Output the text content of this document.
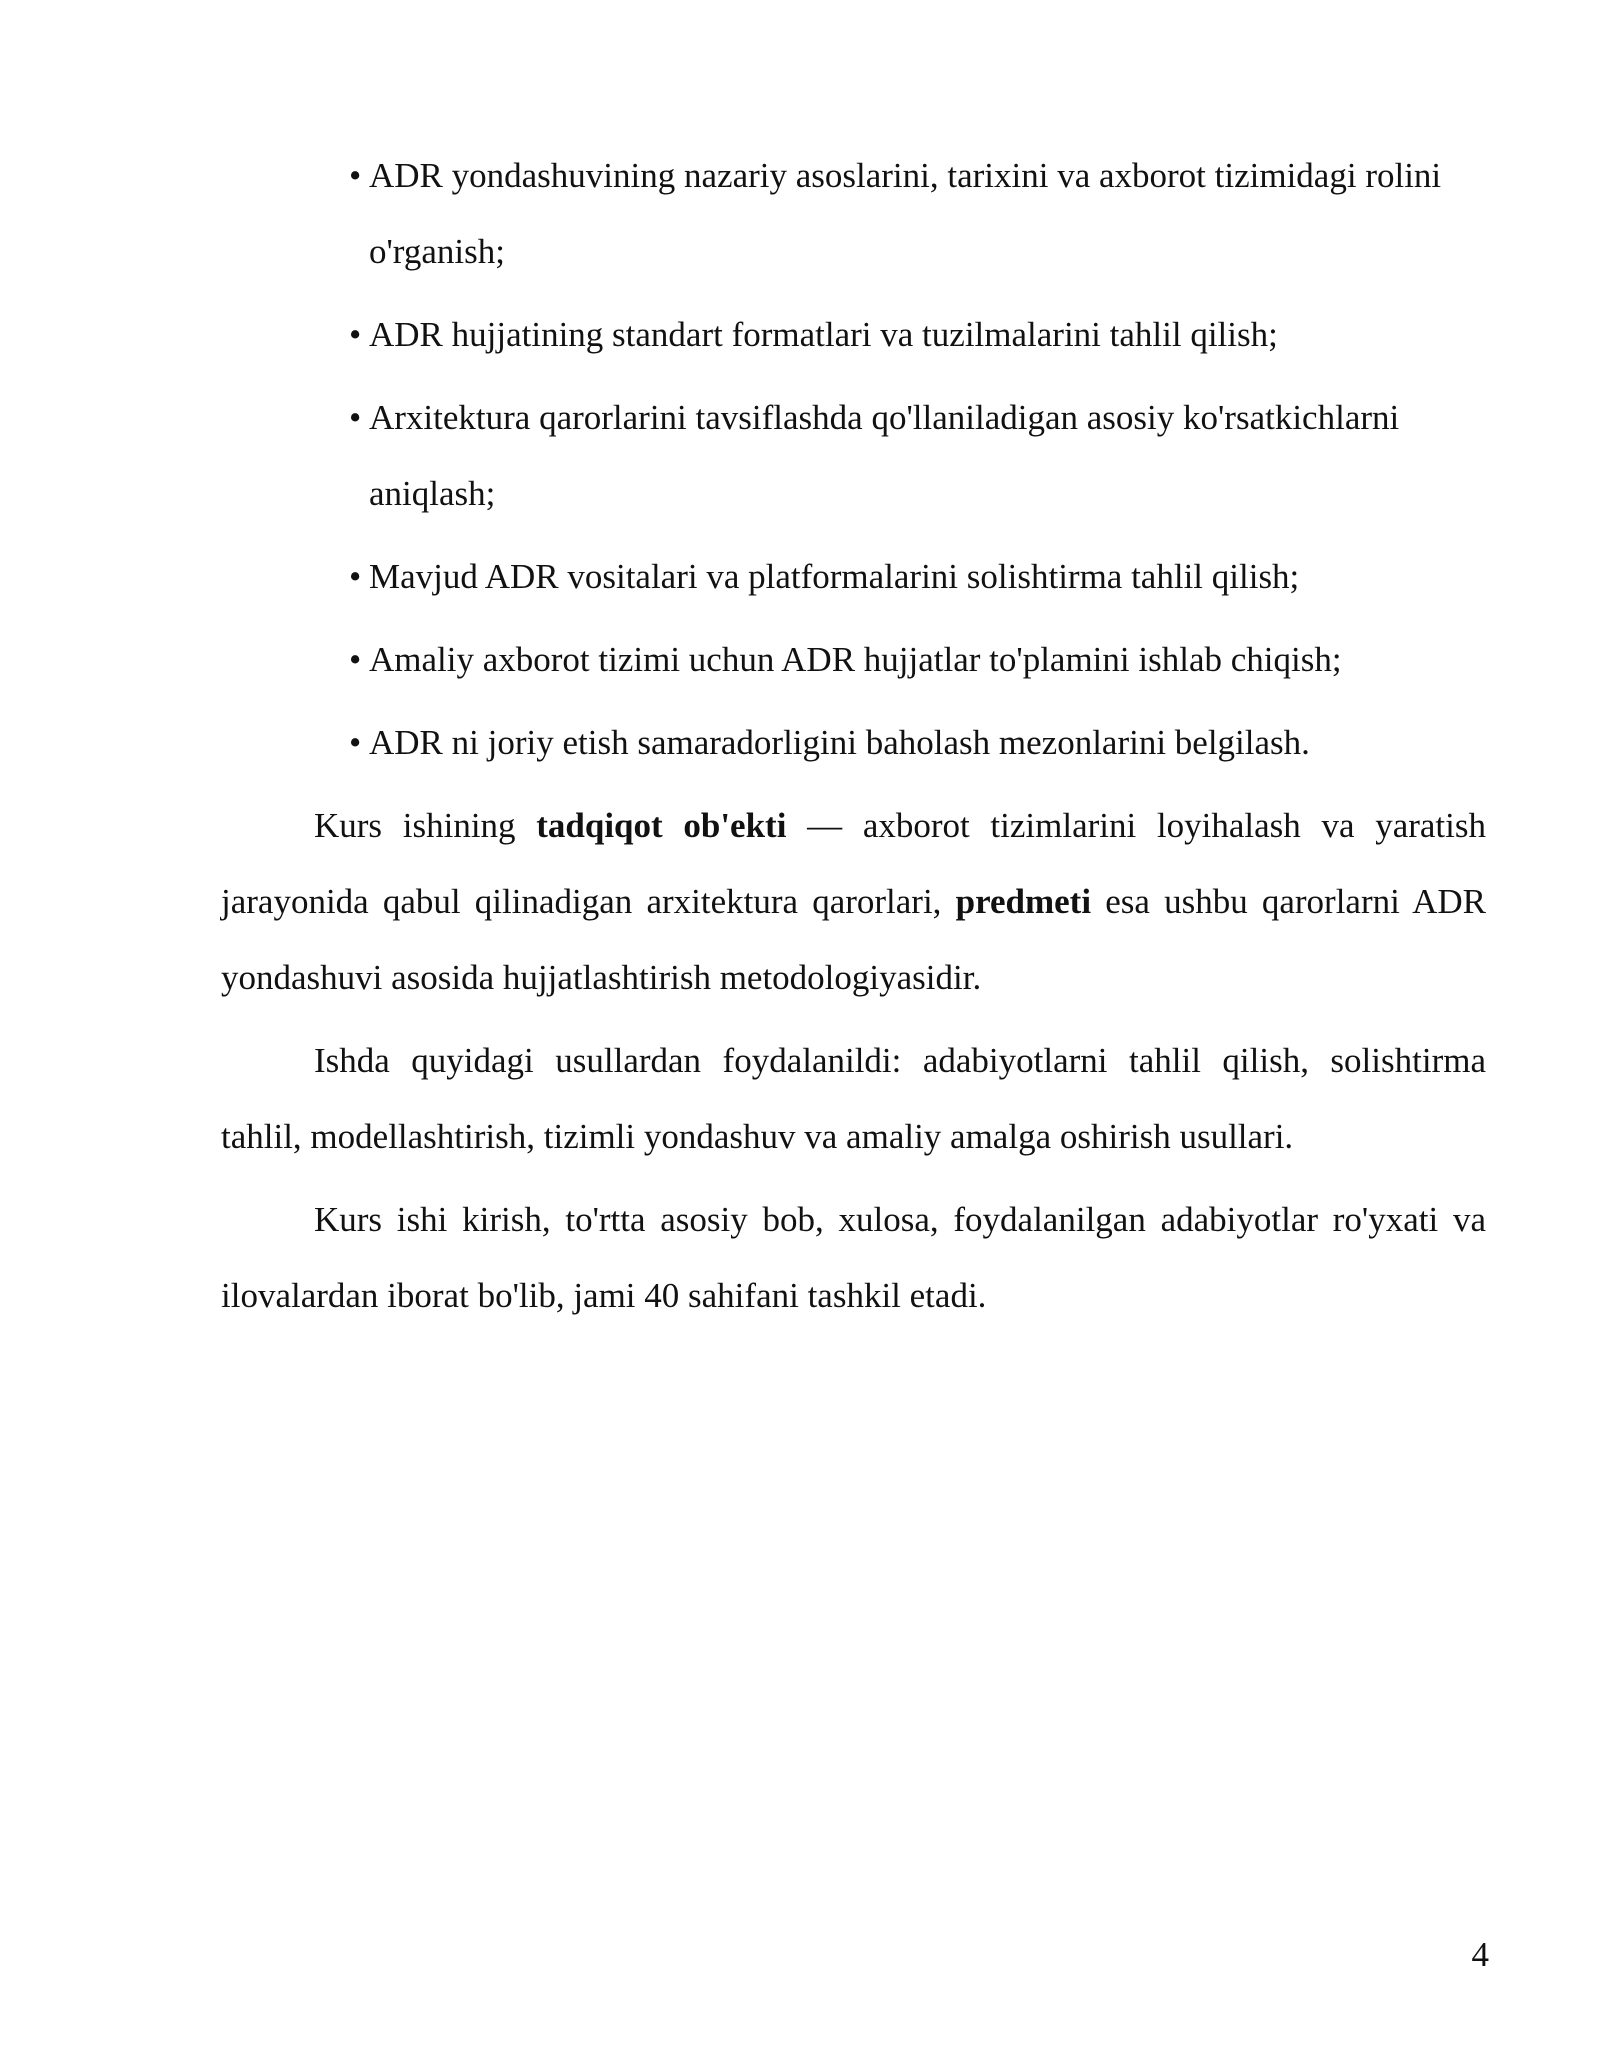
• ADR yondashuvining nazariy asoslarini, tarixini va axborot tizimidagi rolini o'rganish;
• ADR hujjatining standart formatlari va tuzilmalarini tahlil qilish;
• Arxitektura qarorlarini tavsiflashda qo'llaniladigan asosiy ko'rsatkichlarni aniqlash;
• Mavjud ADR vositalari va platformalarini solishtirma tahlil qilish;
• Amaliy axborot tizimi uchun ADR hujjatlar to'plamini ishlab chiqish;
• ADR ni joriy etish samaradorligini baholash mezonlarini belgilash.

Kurs ishining tadqiqot ob'ekti — axborot tizimlarini loyihalash va yaratish jarayonida qabul qilinadigan arxitektura qarorlari, predmeti esa ushbu qarorlarni ADR yondashuvi asosida hujjatlashtirish metodologiyasidir.

Ishda quyidagi usullardan foydalanildi: adabiyotlarni tahlil qilish, solishtirma tahlil, modellashtirish, tizimli yondashuv va amaliy amalga oshirish usullari.

Kurs ishi kirish, to'rtta asosiy bob, xulosa, foydalanilgan adabiyotlar ro'yxati va ilovalardan iborat bo'lib, jami 40 sahifani tashkil etadi.

4
